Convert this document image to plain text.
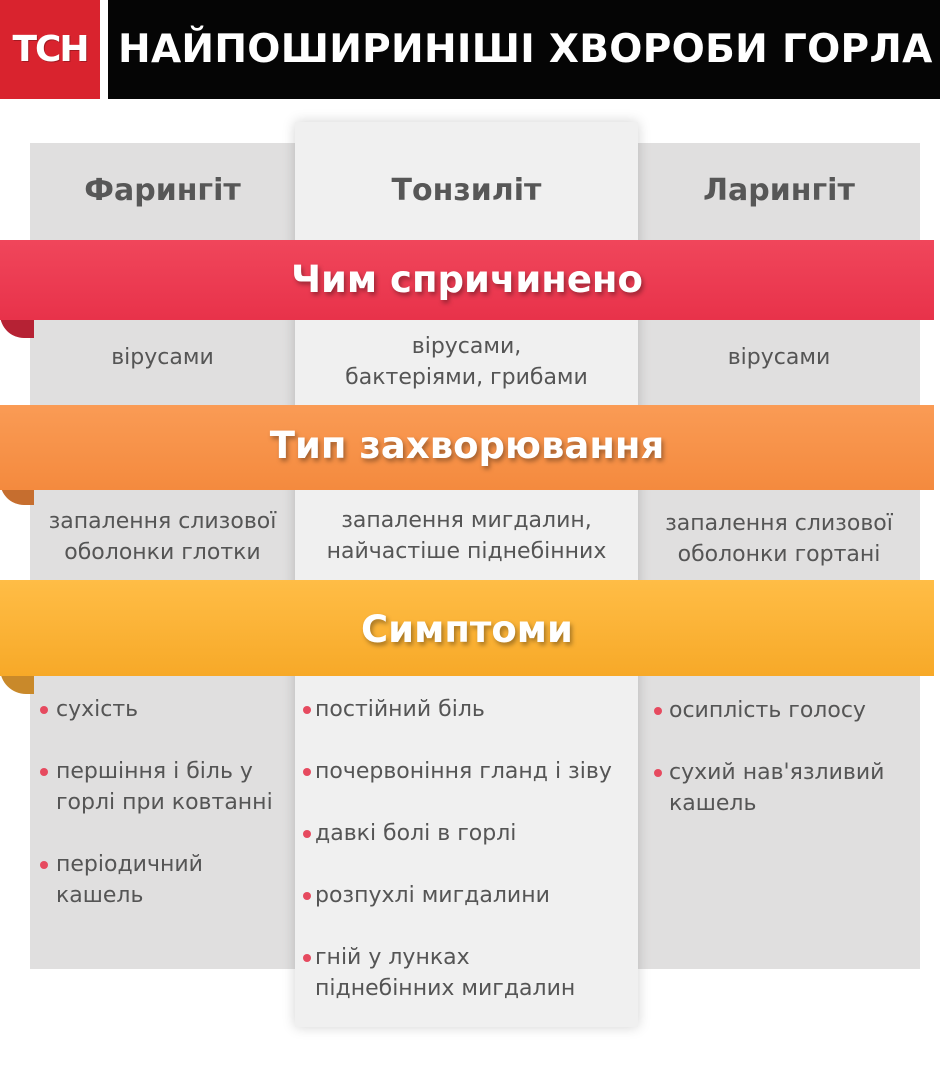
ТСН НАЙПОШИРИНІШІ ХВОРОБИ ГОРЛА
Фарингіт
вірусами
запалення слизової
оболонки глотки
сухість
першіння і біль у
горлі при ковтанні
періодичний
кашель
Тонзиліт
вірусами,
бактеріями, грибами
запалення мигдалин,
найчастіше піднебінних
постійний біль
почервоніння гланд і зіву
давкі болі в горлі
розпухлі мигдалини
гній у лунках
піднебінних мигдалин
Ларингіт
вірусами
запалення слизової
оболонки гортані
осиплість голосу
сухий нав'язливий
кашель
Чим спричинено
Тип захворювання
Симптоми
